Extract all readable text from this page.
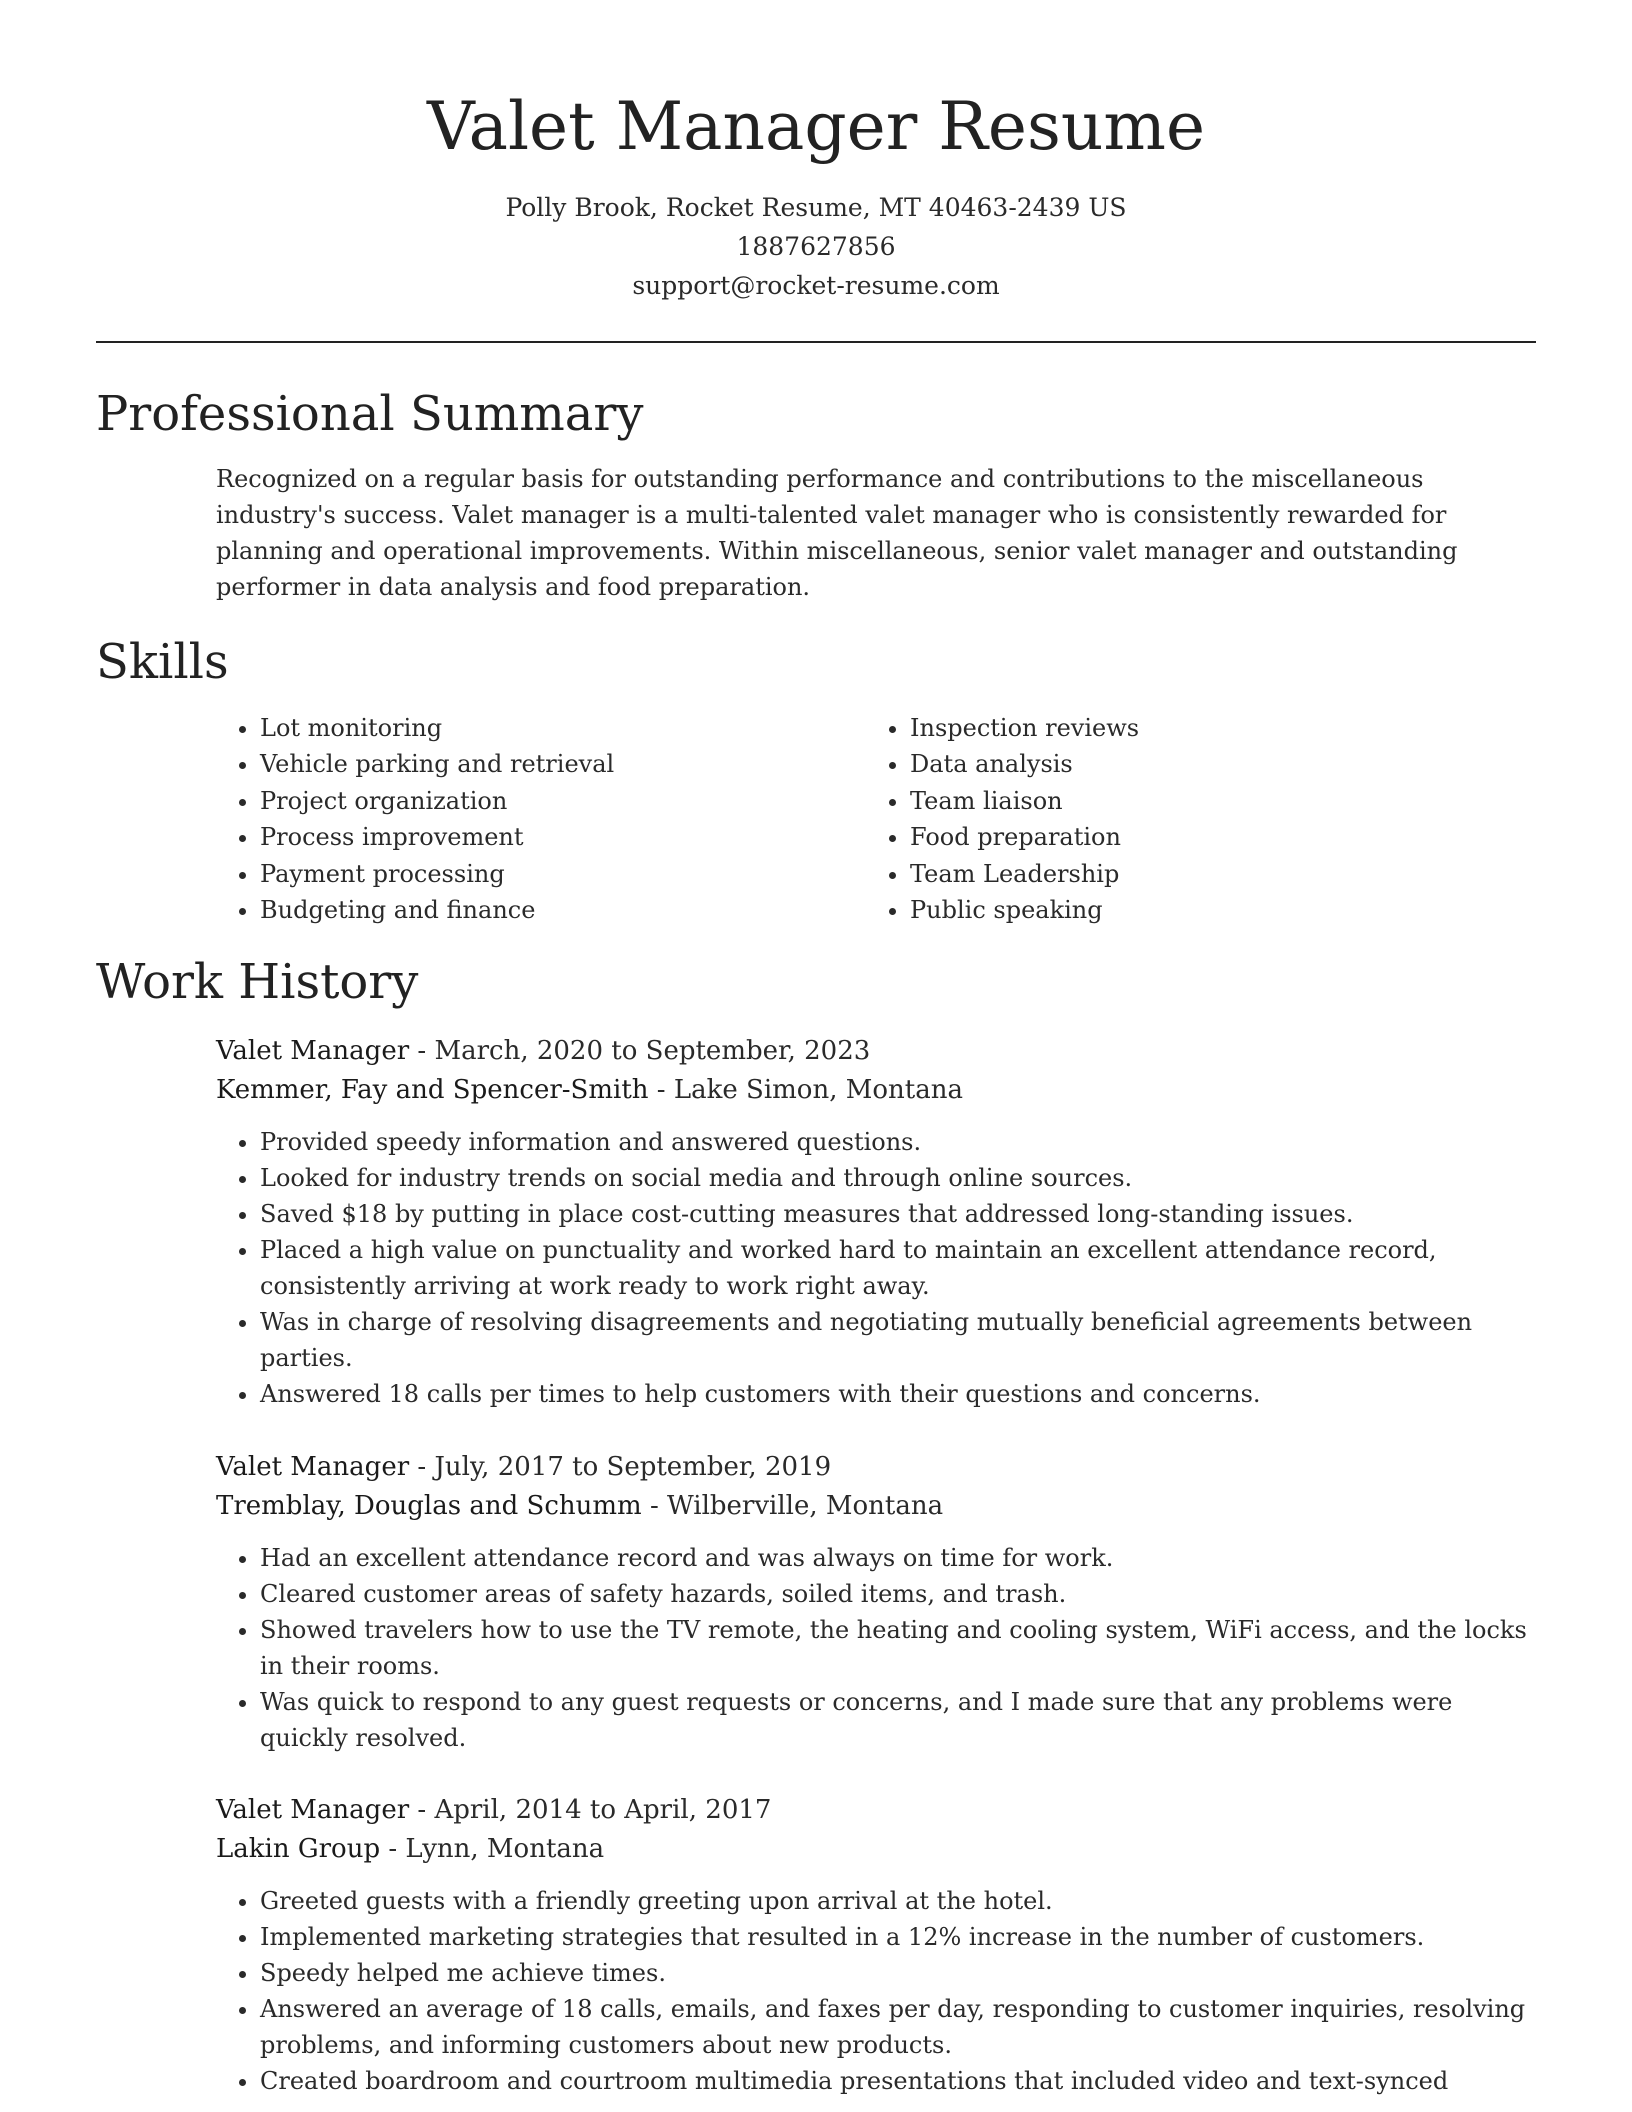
Valet Manager Resume
Polly Brook, Rocket Resume, MT 40463-2439 US
1887627856
support@rocket-resume.com
Professional Summary

Recognized on a regular basis for outstanding performance and contributions to the miscellaneous industry's success. Valet manager is a multi-talented valet manager who is consistently rewarded for planning and operational improvements. Within miscellaneous, senior valet manager and outstanding performer in data analysis and food preparation.

Skills
• Lot monitoring
• Vehicle parking and retrieval
• Project organization
• Process improvement
• Payment processing
• Budgeting and finance
• Inspection reviews
• Data analysis
• Team liaison
• Food preparation
• Team Leadership
• Public speaking
Work History
Valet Manager - March, 2020 to September, 2023
Kemmer, Fay and Spencer-Smith - Lake Simon, Montana
• Provided speedy information and answered questions.
• Looked for industry trends on social media and through online sources.
• Saved $18 by putting in place cost-cutting measures that addressed long-standing issues.
• Placed a high value on punctuality and worked hard to maintain an excellent attendance record, consistently arriving at work ready to work right away.
• Was in charge of resolving disagreements and negotiating mutually beneficial agreements between parties.
• Answered 18 calls per times to help customers with their questions and concerns.
Valet Manager - July, 2017 to September, 2019
Tremblay, Douglas and Schumm - Wilberville, Montana
• Had an excellent attendance record and was always on time for work.
• Cleared customer areas of safety hazards, soiled items, and trash.
• Showed travelers how to use the TV remote, the heating and cooling system, WiFi access, and the locks in their rooms.
• Was quick to respond to any guest requests or concerns, and I made sure that any problems were quickly resolved.
Valet Manager - April, 2014 to April, 2017
Lakin Group - Lynn, Montana
• Greeted guests with a friendly greeting upon arrival at the hotel.
• Implemented marketing strategies that resulted in a 12% increase in the number of customers.
• Speedy helped me achieve times.
• Answered an average of 18 calls, emails, and faxes per day, responding to customer inquiries, resolving problems, and informing customers about new products.
• Created boardroom and courtroom multimedia presentations that included video and text-synced
